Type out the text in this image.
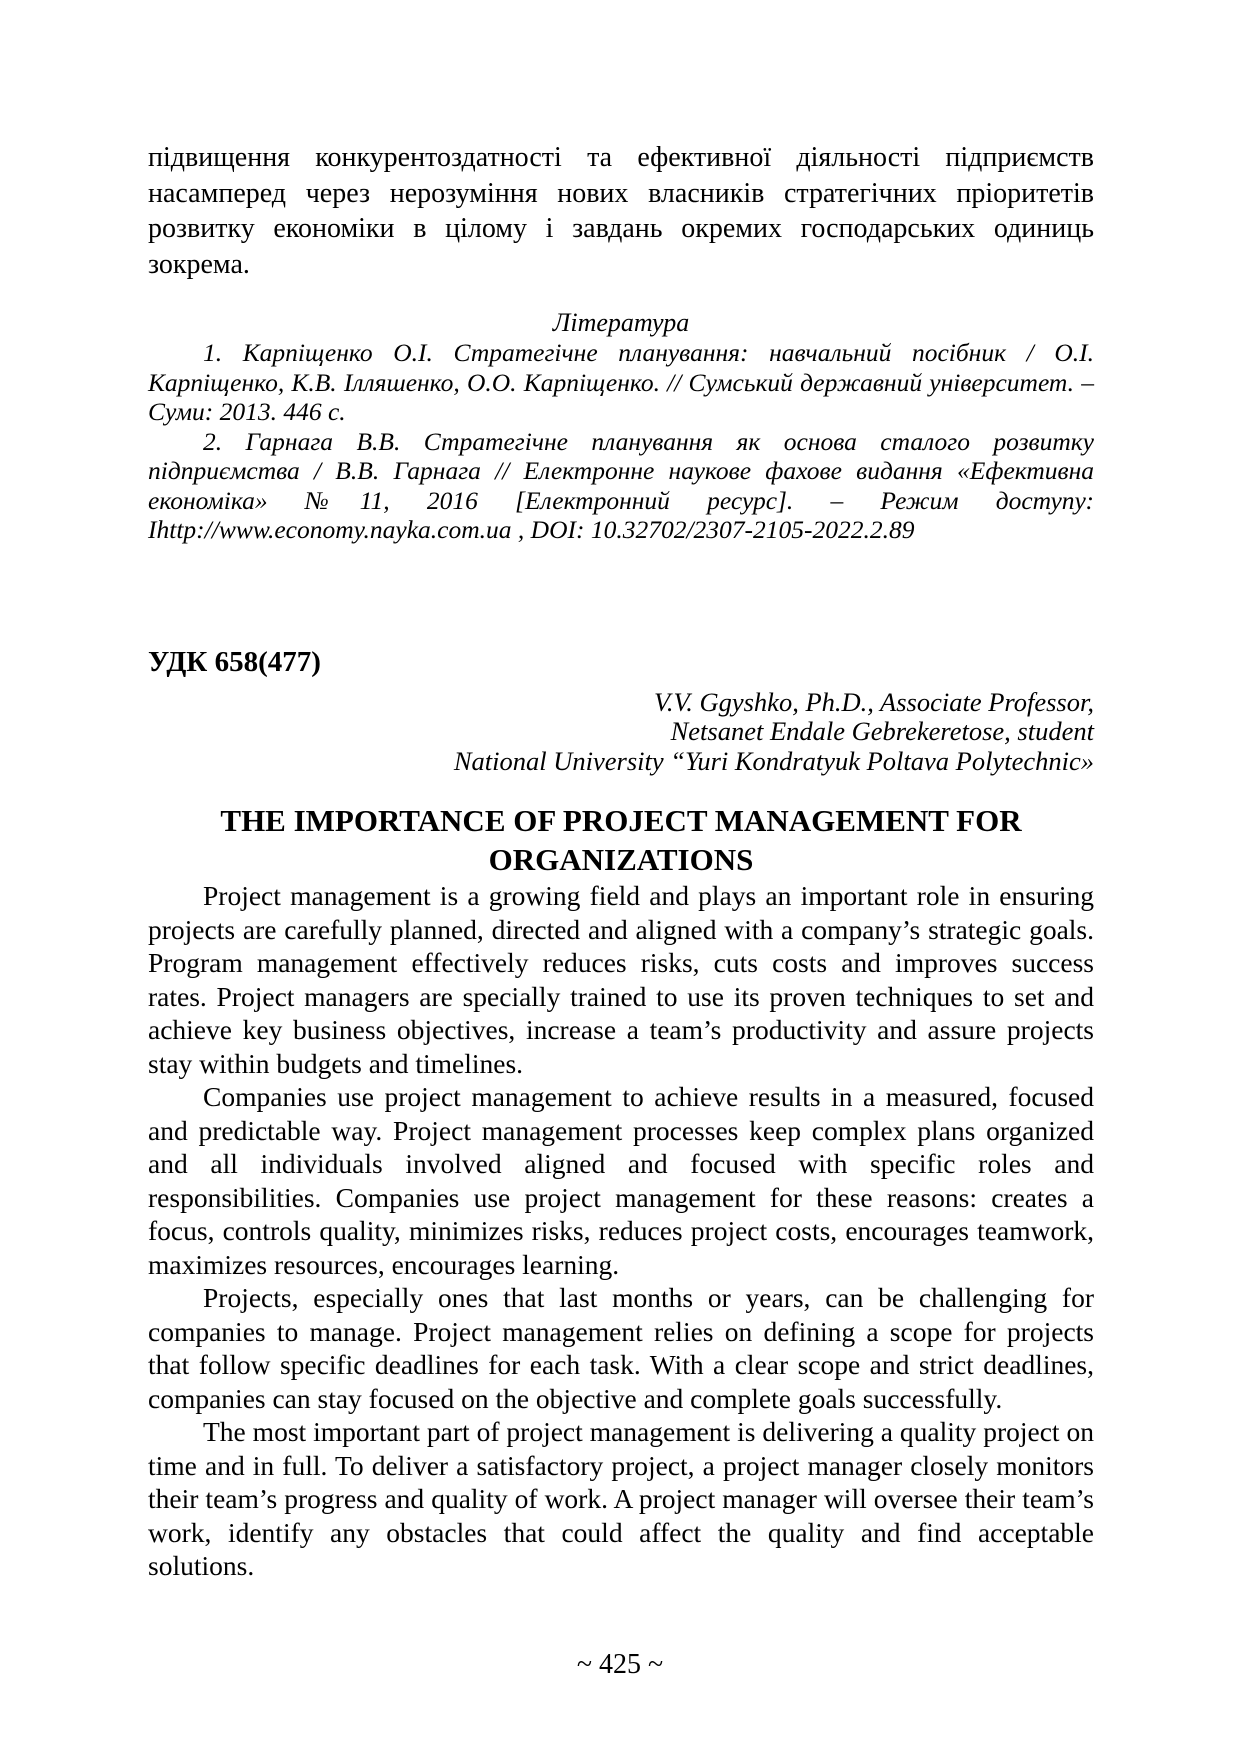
підвищення конкурентоздатності та ефективної діяльності підприємств насамперед через нерозуміння нових власників стратегічних пріоритетів розвитку економіки в цілому і завдань окремих господарських одиниць зокрема.

Література

1. Карпіщенко О.І. Стратегічне планування: навчальний посібник / О.І. Карпіщенко, К.В. Ілляшенко, О.О. Карпіщенко. // Сумський державний університет. – Суми: 2013. 446 с.

2. Гарнага В.В. Стратегічне планування як основа сталого розвитку підприємства / В.В. Гарнага // Електронне наукове фахове видання «Ефективна економіка» №11, 2016 [Електронний ресурс]. – Режим доступу: Ihttp://www.economy.nayka.com.ua , DOI: 10.32702/2307-2105-2022.2.89

УДК 658(477)

V.V. Ggyshko, Ph.D., Associate Professor,
Netsanet Endale Gebrekeretose, student
National University “Yuri Kondratyuk Poltava Polytechnic»
THE IMPORTANCE OF PROJECT MANAGEMENT FOR ORGANIZATIONS

Project management is a growing field and plays an important role in ensuring projects are carefully planned, directed and aligned with a company’s strategic goals. Program management effectively reduces risks, cuts costs and improves success rates. Project managers are specially trained to use its proven techniques to set and achieve key business objectives, increase a team’s productivity and assure projects stay within budgets and timelines.

Companies use project management to achieve results in a measured, focused and predictable way. Project management processes keep complex plans organized and all individuals involved aligned and focused with specific roles and responsibilities. Companies use project management for these reasons: creates a focus, controls quality, minimizes risks, reduces project costs, encourages teamwork, maximizes resources, encourages learning.

Projects, especially ones that last months or years, can be challenging for companies to manage. Project management relies on defining a scope for projects that follow specific deadlines for each task. With a clear scope and strict deadlines, companies can stay focused on the objective and complete goals successfully.

The most important part of project management is delivering a quality project on time and in full. To deliver a satisfactory project, a project manager closely monitors their team’s progress and quality of work. A project manager will oversee their team’s work, identify any obstacles that could affect the quality and find acceptable solutions.

~ 425 ~
